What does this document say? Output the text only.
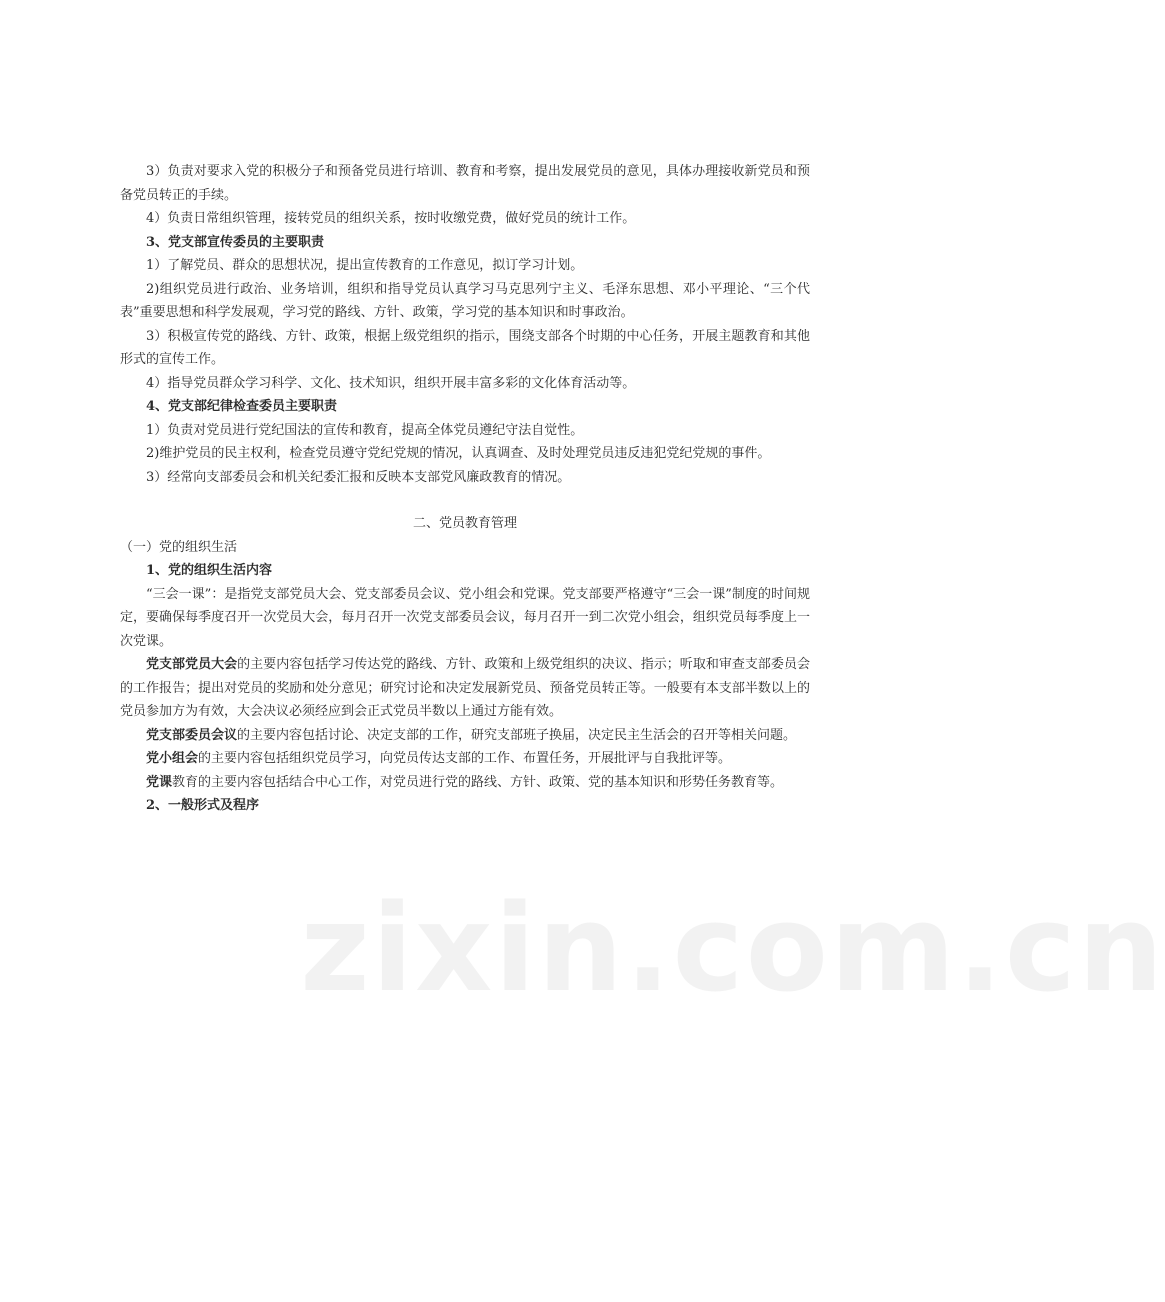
3）负责对要求入党的积极分子和预备党员进行培训、教育和考察，提出发展党员的意见，具体办理接收新党员和预备党员转正的手续。

4）负责日常组织管理，接转党员的组织关系，按时收缴党费，做好党员的统计工作。

3、党支部宣传委员的主要职责

1）了解党员、群众的思想状况，提出宣传教育的工作意见，拟订学习计划。

2)组织党员进行政治、业务培训，组织和指导党员认真学习马克思列宁主义、毛泽东思想、邓小平理论、“三个代表”重要思想和科学发展观，学习党的路线、方针、政策，学习党的基本知识和时事政治。

3）积极宣传党的路线、方针、政策，根据上级党组织的指示，围绕支部各个时期的中心任务，开展主题教育和其他形式的宣传工作。

4）指导党员群众学习科学、文化、技术知识，组织开展丰富多彩的文化体育活动等。

4、党支部纪律检查委员主要职责

1）负责对党员进行党纪国法的宣传和教育，提高全体党员遵纪守法自觉性。

2)维护党员的民主权利，检查党员遵守党纪党规的情况，认真调查、及时处理党员违反违犯党纪党规的事件。

3）经常向支部委员会和机关纪委汇报和反映本支部党风廉政教育的情况。

二、党员教育管理

（一）党的组织生活

1、党的组织生活内容

“三会一课”：是指党支部党员大会、党支部委员会议、党小组会和党课。党支部要严格遵守“三会一课”制度的时间规定，要确保每季度召开一次党员大会，每月召开一次党支部委员会议，每月召开一到二次党小组会，组织党员每季度上一次党课。

党支部党员大会的主要内容包括学习传达党的路线、方针、政策和上级党组织的决议、指示；听取和审查支部委员会的工作报告；提出对党员的奖励和处分意见；研究讨论和决定发展新党员、预备党员转正等。一般要有本支部半数以上的党员参加方为有效，大会决议必须经应到会正式党员半数以上通过方能有效。

党支部委员会议的主要内容包括讨论、决定支部的工作，研究支部班子换届，决定民主生活会的召开等相关问题。

党小组会的主要内容包括组织党员学习，向党员传达支部的工作、布置任务，开展批评与自我批评等。

党课教育的主要内容包括结合中心工作，对党员进行党的路线、方针、政策、党的基本知识和形势任务教育等。

2、一般形式及程序

zixin.com.cn
